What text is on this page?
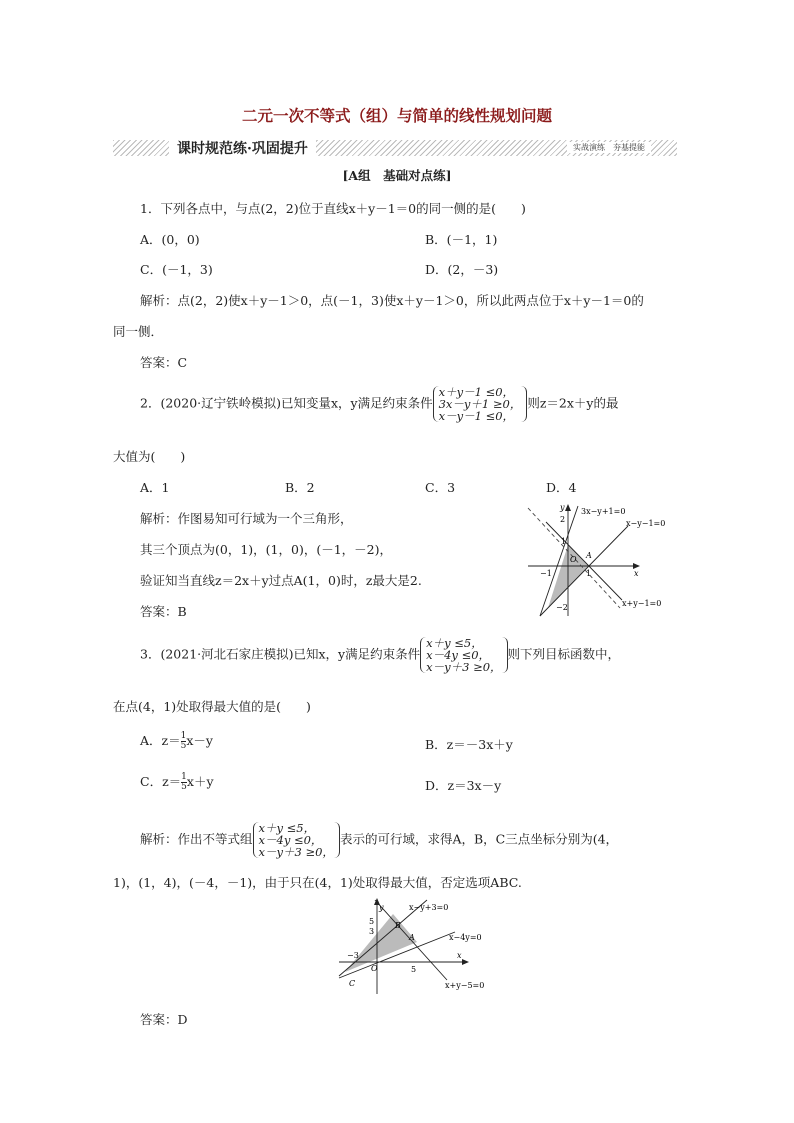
二元一次不等式（组）与简单的线性规划问题
课时规范练·巩固提升	实战演练　夯基提能
[A组　基础对点练]
1．下列各点中，与点(2，2)位于直线x＋y－1＝0的同一侧的是(　　)
A．(0，0)	B．(－1，1)
C．(－1，3)	D．(2，－3)
解析：点(2，2)使x＋y－1＞0，点(－1，3)使x＋y－1＞0，所以此两点位于x＋y－1＝0的
同一侧．
答案：C
2．(2020·辽宁铁岭模拟)已知变量x，y满足约束条件
x＋y－1 ≤0，
3x－y＋1 ≥0，
x－y－1 ≤0，
则z＝2x＋y的最
大值为(　　)
A．1	B．2	C．3	D．4
解析：作图易知可行域为一个三角形，
其三个顶点为(0，1)，(1，0)，(－1，－2)，
验证知当直线z＝2x＋y过点A(1，0)时，z最大是2.
答案：B
3x−y+1=0
x−y−1=0
x+y−1=0
y
x
O A
2
1
−1	1
−2
3．(2021·河北石家庄模拟)已知x，y满足约束条件
x＋y ≤5，
x－4y ≤0，
x－y＋3 ≥0，
则下列目标函数中，
在点(4，1)处取得最大值的是(　　)
A．$z= \frac{1}{5} x-y$	B．z＝－3x＋y
C．$z= \frac{1}{5} x+y$	D．z＝3x－y
解析：作出不等式组
x＋y ≤5，
x－4y ≤0，
x－y＋3 ≥0，
表示的可行域，求得A，B，C三点坐标分别为(4，
1)，(1，4)，(－4，－1)，由于只在(4，1)处取得最大值，否定选项ABC.
y
x
O
B
A
C
5
3
−3
5
x−y+3=0
x−4y=0
x+y−5=0
答案：D
